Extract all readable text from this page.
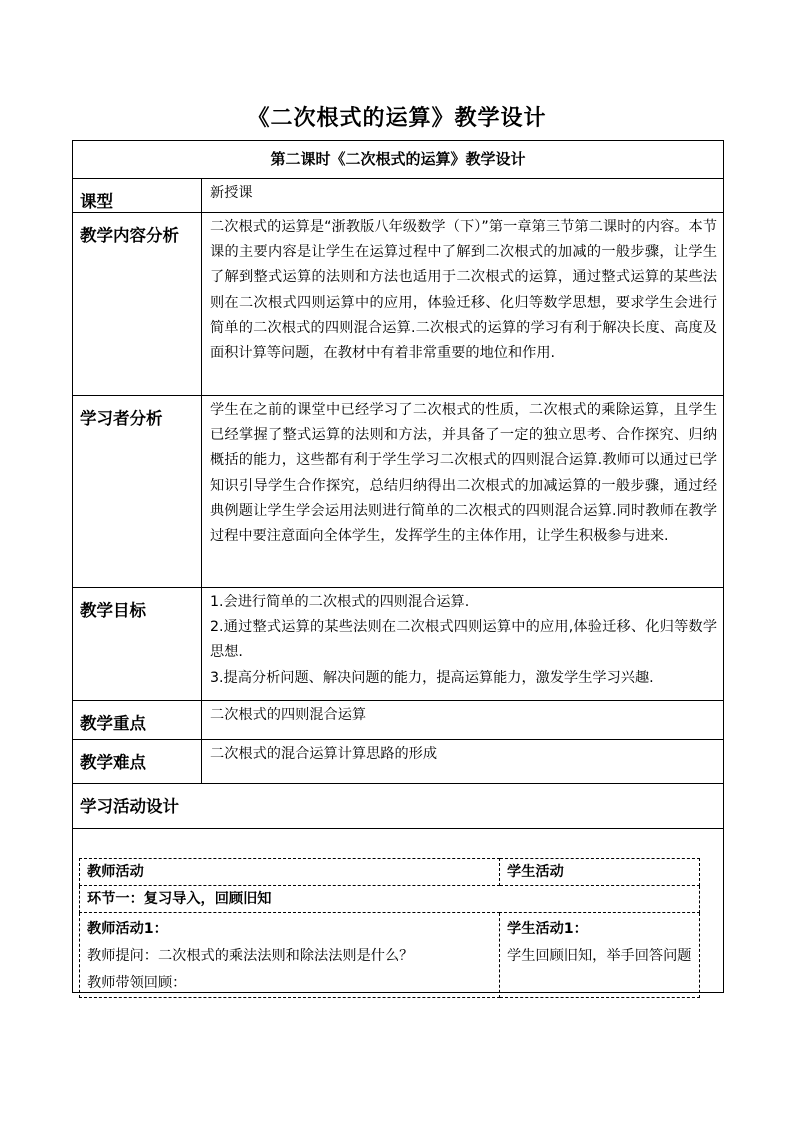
《二次根式的运算》教学设计
第二课时《二次根式的运算》教学设计
课型	新授课

教学内容分析	二次根式的运算是“浙教版八年级数学（下）”第一章第三节第二课时的内容。本节课的主要内容是让学生在运算过程中了解到二次根式的加减的一般步骤，让学生了解到整式运算的法则和方法也适用于二次根式的运算，通过整式运算的某些法则在二次根式四则运算中的应用，体验迁移、化归等数学思想，要求学生会进行简单的二次根式的四则混合运算.二次根式的运算的学习有利于解决长度、高度及面积计算等问题，在教材中有着非常重要的地位和作用.

学习者分析	学生在之前的课堂中已经学习了二次根式的性质，二次根式的乘除运算，且学生已经掌握了整式运算的法则和方法，并具备了一定的独立思考、合作探究、归纳概括的能力，这些都有利于学生学习二次根式的四则混合运算.教师可以通过已学知识引导学生合作探究，总结归纳得出二次根式的加减运算的一般步骤，通过经典例题让学生学会运用法则进行简单的二次根式的四则混合运算.同时教师在教学过程中要注意面向全体学生，发挥学生的主体作用，让学生积极参与进来.

教学目标	1.会进行简单的二次根式的四则混合运算.

2.通过整式运算的某些法则在二次根式四则运算中的应用,体验迁移、化归等数学思想.

3.提高分析问题、解决问题的能力，提高运算能力，激发学生学习兴趣.

教学重点	二次根式的四则混合运算

教学难点	二次根式的混合运算计算思路的形成

学习活动设计

教师活动	学生活动
环节一：复习导入，回顾旧知

教师活动1：
教师提问：二次根式的乘法法则和除法法则是什么？
教师带领回顾：

学生活动1：
学生回顾旧知，举手回答问题
